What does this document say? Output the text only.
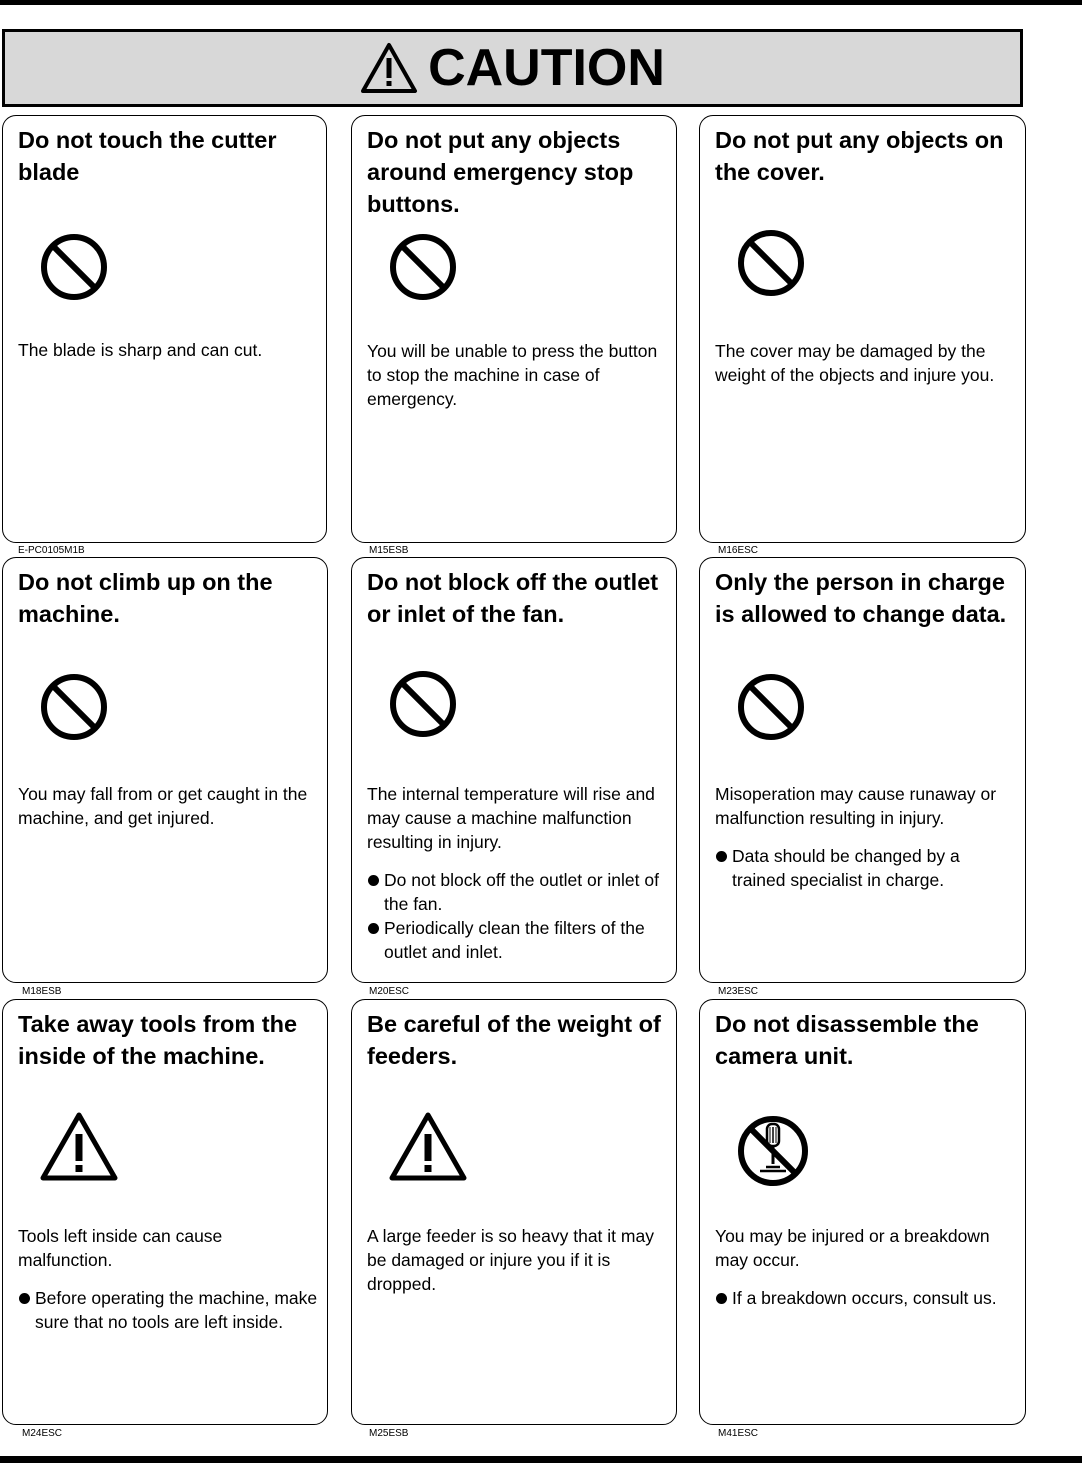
CAUTION
Do not touch the cutter blade

The blade is sharp and can cut.

E-PC0105M1B
Do not put any objects around emergency stop buttons.

You will be unable to press the button to stop the machine in case of emergency.

M15ESB
Do not put any objects on the cover.

The cover may be damaged by the weight of the objects and injure you.

M16ESC
Do not climb up on the machine.

You may fall from or get caught in the machine, and get injured.

M18ESB
Do not block off the outlet or inlet of the fan.

The internal temperature will rise and may cause a machine malfunction resulting in injury.

Do not block off the outlet or inlet of the fan.
Periodically clean the filters of the outlet and inlet.
M20ESC
Only the person in charge is allowed to change data.

Misoperation may cause runaway or malfunction resulting in injury.

Data should be changed by a trained specialist in charge.
M23ESC
Take away tools from the inside of the machine.

Tools left inside can cause malfunction.

Before operating the machine, make sure that no tools are left inside.
M24ESC
Be careful of the weight of feeders.

A large feeder is so heavy that it may be damaged or injure you if it is dropped.

M25ESB
Do not disassemble the camera unit.

You may be injured or a breakdown may occur.

If a breakdown occurs, consult us.
M41ESC
